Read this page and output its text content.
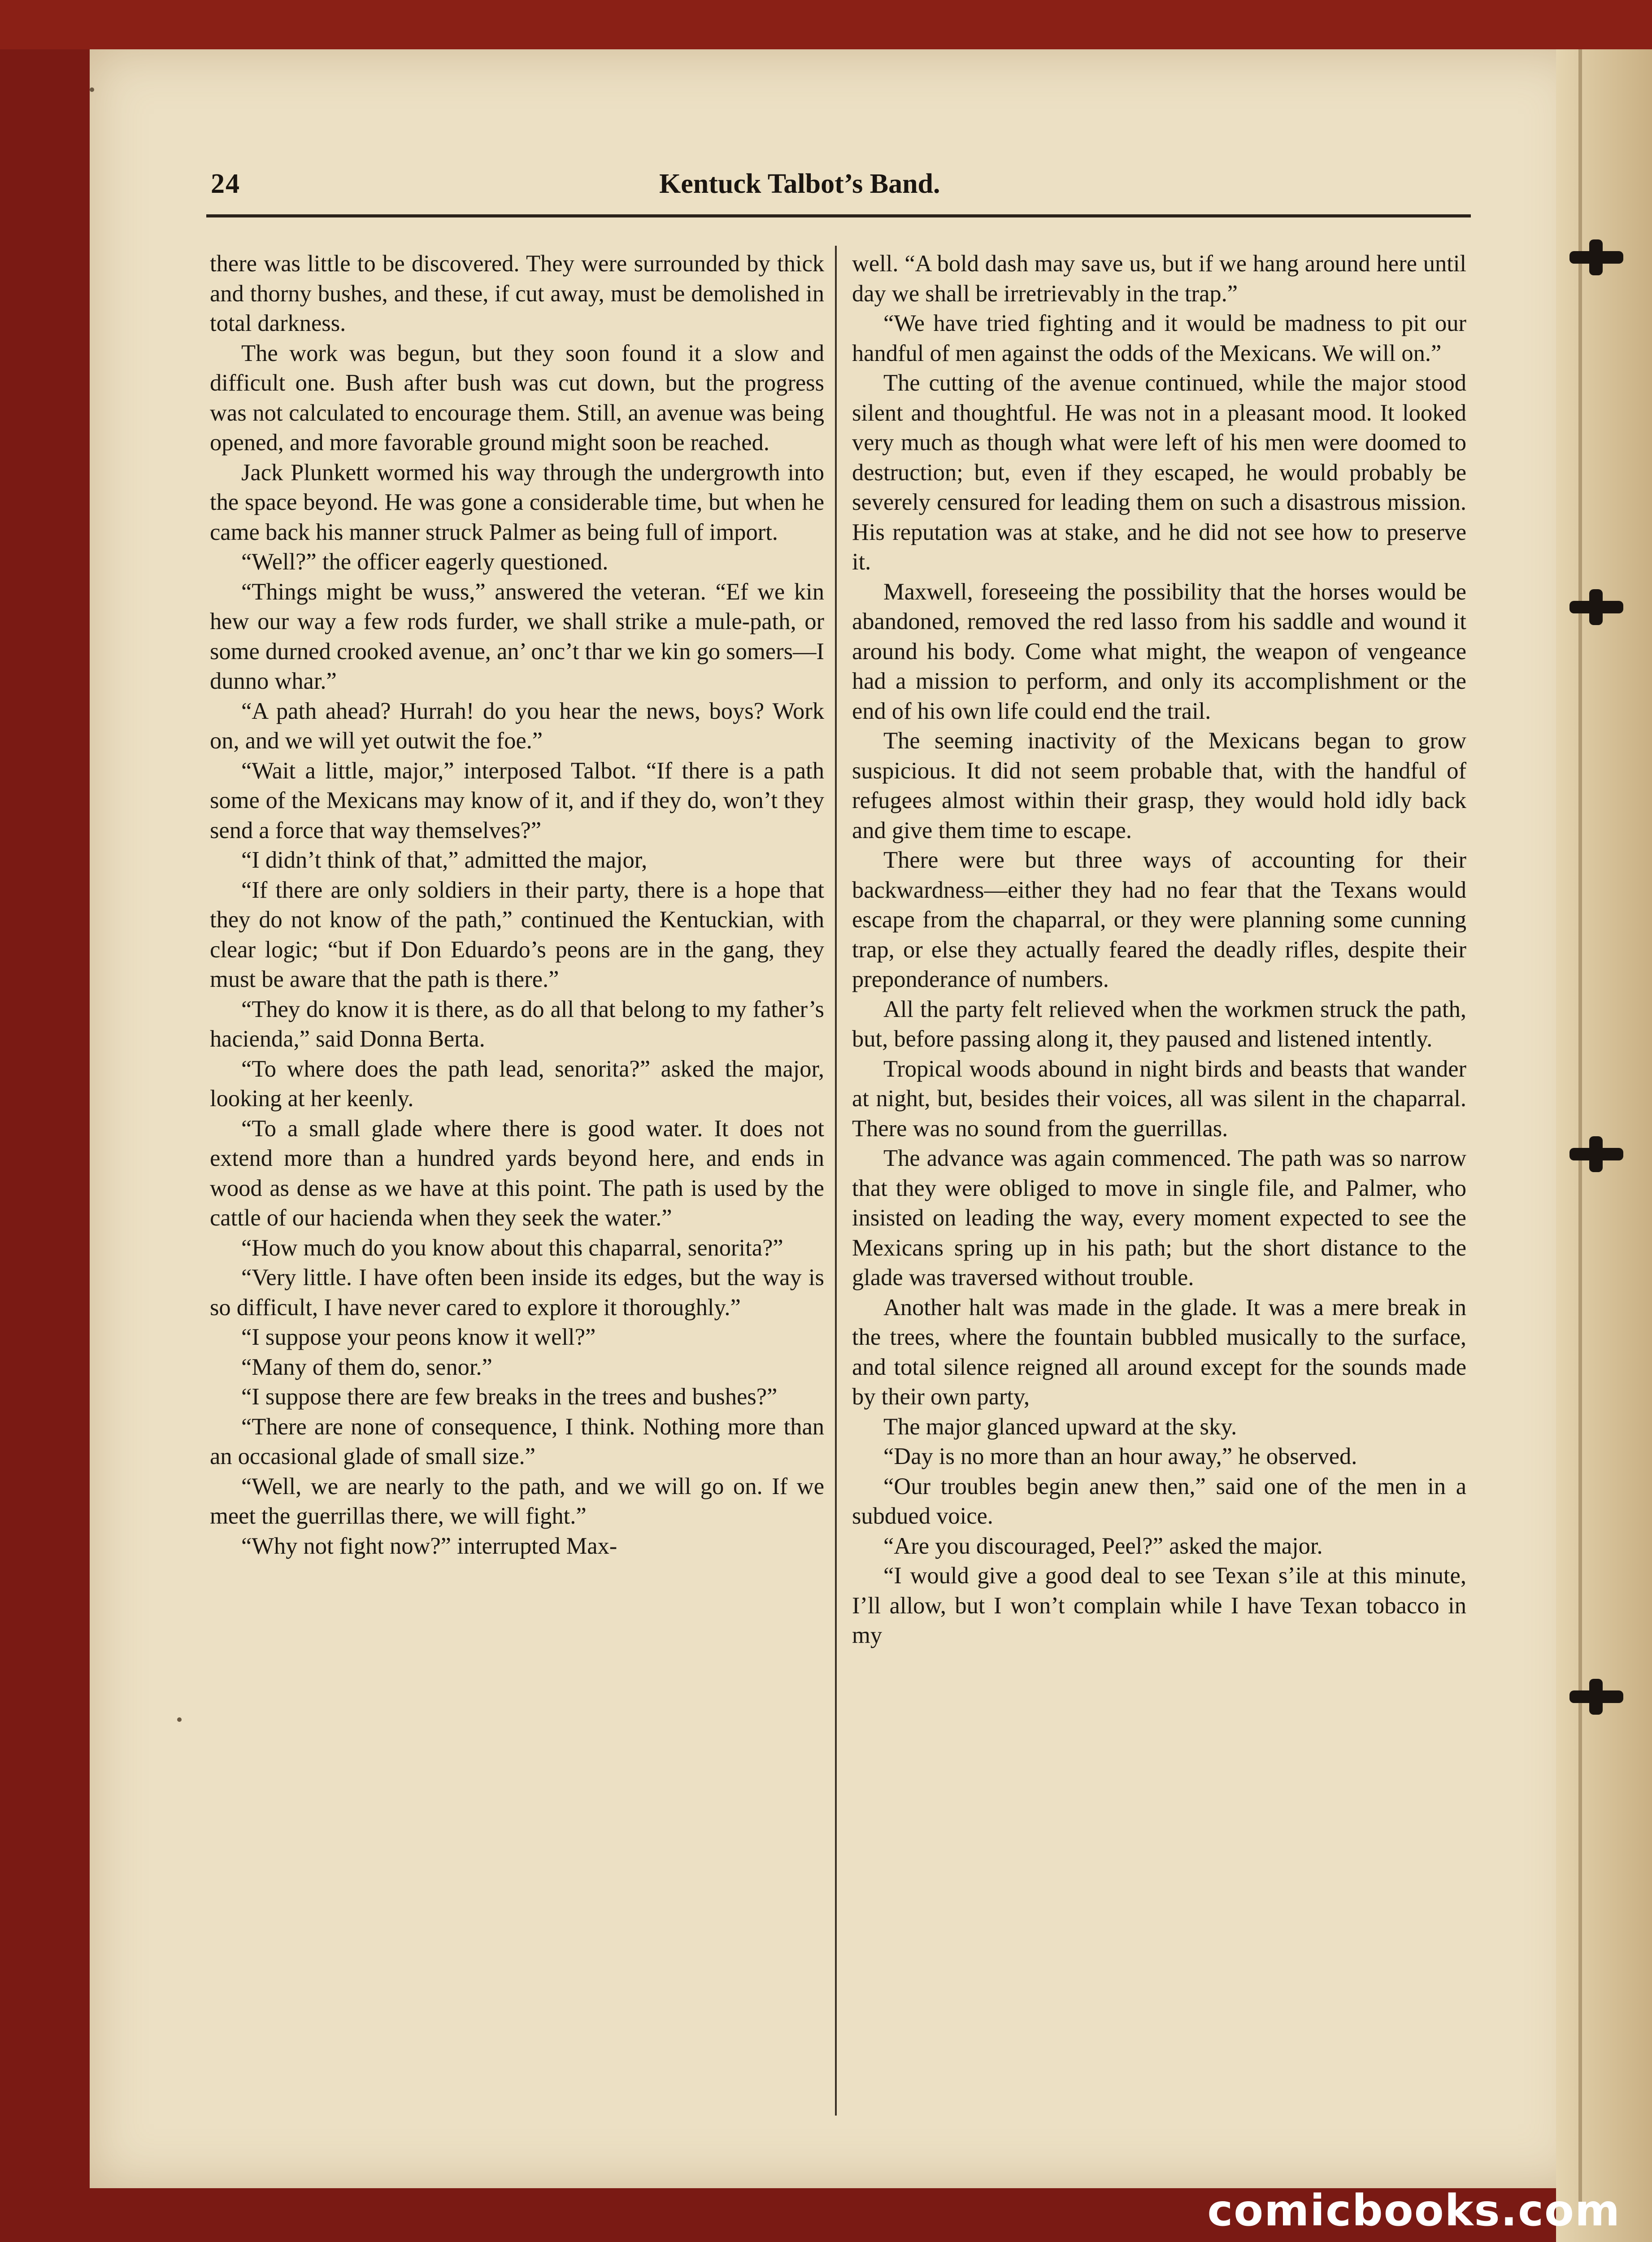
24	Kentuck Talbot’s Band.

there was little to be discovered. They were surrounded by thick and thorny bushes, and these, if cut away, must be demolished in total darkness.

The work was begun, but they soon found it a slow and difficult one. Bush after bush was cut down, but the progress was not calculated to encourage them. Still, an avenue was being opened, and more favorable ground might soon be reached.

Jack Plunkett wormed his way through the undergrowth into the space beyond. He was gone a considerable time, but when he came back his manner struck Palmer as being full of import.

“Well?” the officer eagerly questioned.

“Things might be wuss,” answered the veteran. “Ef we kin hew our way a few rods furder, we shall strike a mule-path, or some durned crooked avenue, an’ onc’t thar we kin go somers—I dunno whar.”

“A path ahead? Hurrah! do you hear the news, boys? Work on, and we will yet outwit the foe.”

“Wait a little, major,” interposed Talbot. “If there is a path some of the Mexicans may know of it, and if they do, won’t they send a force that way themselves?”

“I didn’t think of that,” admitted the major,

“If there are only soldiers in their party, there is a hope that they do not know of the path,” continued the Kentuckian, with clear logic; “but if Don Eduardo’s peons are in the gang, they must be aware that the path is there.”

“They do know it is there, as do all that belong to my father’s hacienda,” said Donna Berta.

“To where does the path lead, senorita?” asked the major, looking at her keenly.

“To a small glade where there is good water. It does not extend more than a hundred yards beyond here, and ends in wood as dense as we have at this point. The path is used by the cattle of our hacienda when they seek the water.”

“How much do you know about this chaparral, senorita?”

“Very little. I have often been inside its edges, but the way is so difficult, I have never cared to explore it thoroughly.”

“I suppose your peons know it well?”

“Many of them do, senor.”

“I suppose there are few breaks in the trees and bushes?”

“There are none of consequence, I think. Nothing more than an occasional glade of small size.”

“Well, we are nearly to the path, and we will go on. If we meet the guerrillas there, we will fight.”

“Why not fight now?” interrupted Max-

well. “A bold dash may save us, but if we hang around here until day we shall be irretrievably in the trap.”

“We have tried fighting and it would be madness to pit our handful of men against the odds of the Mexicans. We will on.”

The cutting of the avenue continued, while the major stood silent and thoughtful. He was not in a pleasant mood. It looked very much as though what were left of his men were doomed to destruction; but, even if they escaped, he would probably be severely censured for leading them on such a disastrous mission. His reputation was at stake, and he did not see how to preserve it.

Maxwell, foreseeing the possibility that the horses would be abandoned, removed the red lasso from his saddle and wound it around his body. Come what might, the weapon of vengeance had a mission to perform, and only its accomplishment or the end of his own life could end the trail.

The seeming inactivity of the Mexicans began to grow suspicious. It did not seem probable that, with the handful of refugees almost within their grasp, they would hold idly back and give them time to escape.

There were but three ways of accounting for their backwardness—either they had no fear that the Texans would escape from the chaparral, or they were planning some cunning trap, or else they actually feared the deadly rifles, despite their preponderance of numbers.

All the party felt relieved when the workmen struck the path, but, before passing along it, they paused and listened intently.

Tropical woods abound in night birds and beasts that wander at night, but, besides their voices, all was silent in the chaparral. There was no sound from the guerrillas.

The advance was again commenced. The path was so narrow that they were obliged to move in single file, and Palmer, who insisted on leading the way, every moment expected to see the Mexicans spring up in his path; but the short distance to the glade was traversed without trouble.

Another halt was made in the glade. It was a mere break in the trees, where the fountain bubbled musically to the surface, and total silence reigned all around except for the sounds made by their own party,

The major glanced upward at the sky.

“Day is no more than an hour away,” he observed.

“Our troubles begin anew then,” said one of the men in a subdued voice.

“Are you discouraged, Peel?” asked the major.

“I would give a good deal to see Texan s’ile at this minute, I’ll allow, but I won’t complain while I have Texan tobacco in my

comicbooks.com
